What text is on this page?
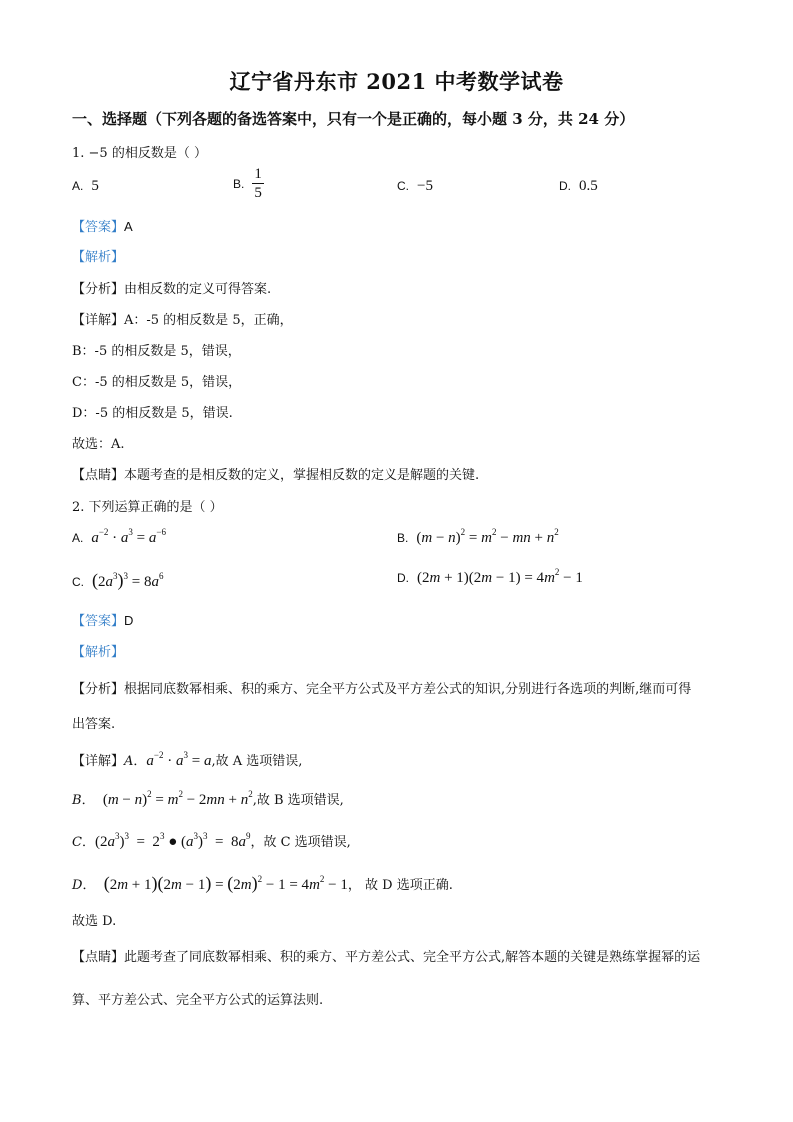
辽宁省丹东市 2021 中考数学试卷
一、选择题（下列各题的备选答案中，只有一个是正确的，每小题 3 分，共 24 分）
1. −5 的相反数是（ ）
A. 5	B. $\frac{1}{5}$	C. −5	D. 0.5
【答案】A
【解析】
【分析】由相反数的定义可得答案.
【详解】A：-5 的相反数是 5，正确，
B：-5 的相反数是 5，错误，
C：-5 的相反数是 5，错误，
D：-5 的相反数是 5，错误.
故选：A.
【点睛】本题考查的是相反数的定义，掌握相反数的定义是解题的关键.
2. 下列运算正确的是（ ）
A. $a^{-2} \cdot a^3 = a^{-6}$	B. $(m - n)^2 = m^2$ − mn + $n^2$
C. $(2a^3)^3 = 8a^6$	D. $(2m + 1)(2m - 1) = 4m^2 - 1$
【答案】D
【解析】
【分析】根据同底数幂相乘、积的乘方、完全平方公式及平方差公式的知识,分别进行各选项的判断,继而可得
出答案.
【详解】A．$a^{-2} \cdot a^3 = a$,故 A 选项错误,
B．  $(m - n)^2 = m^2 - 2mn + n^2$,故 B 选项错误,
C．$(2a^3)^3 = 2^3$ ● $(a^3)^3 = 8a^9$，故 C 选项错误,
D．  $(2m + 1)(2m - 1) = (2m)^2 - 1 = 4m^2 - 1$， 故 D 选项正确.
故选 D.
【点睛】此题考查了同底数幂相乘、积的乘方、平方差公式、完全平方公式,解答本题的关键是熟练掌握幂的运
算、平方差公式、完全平方公式的运算法则.
